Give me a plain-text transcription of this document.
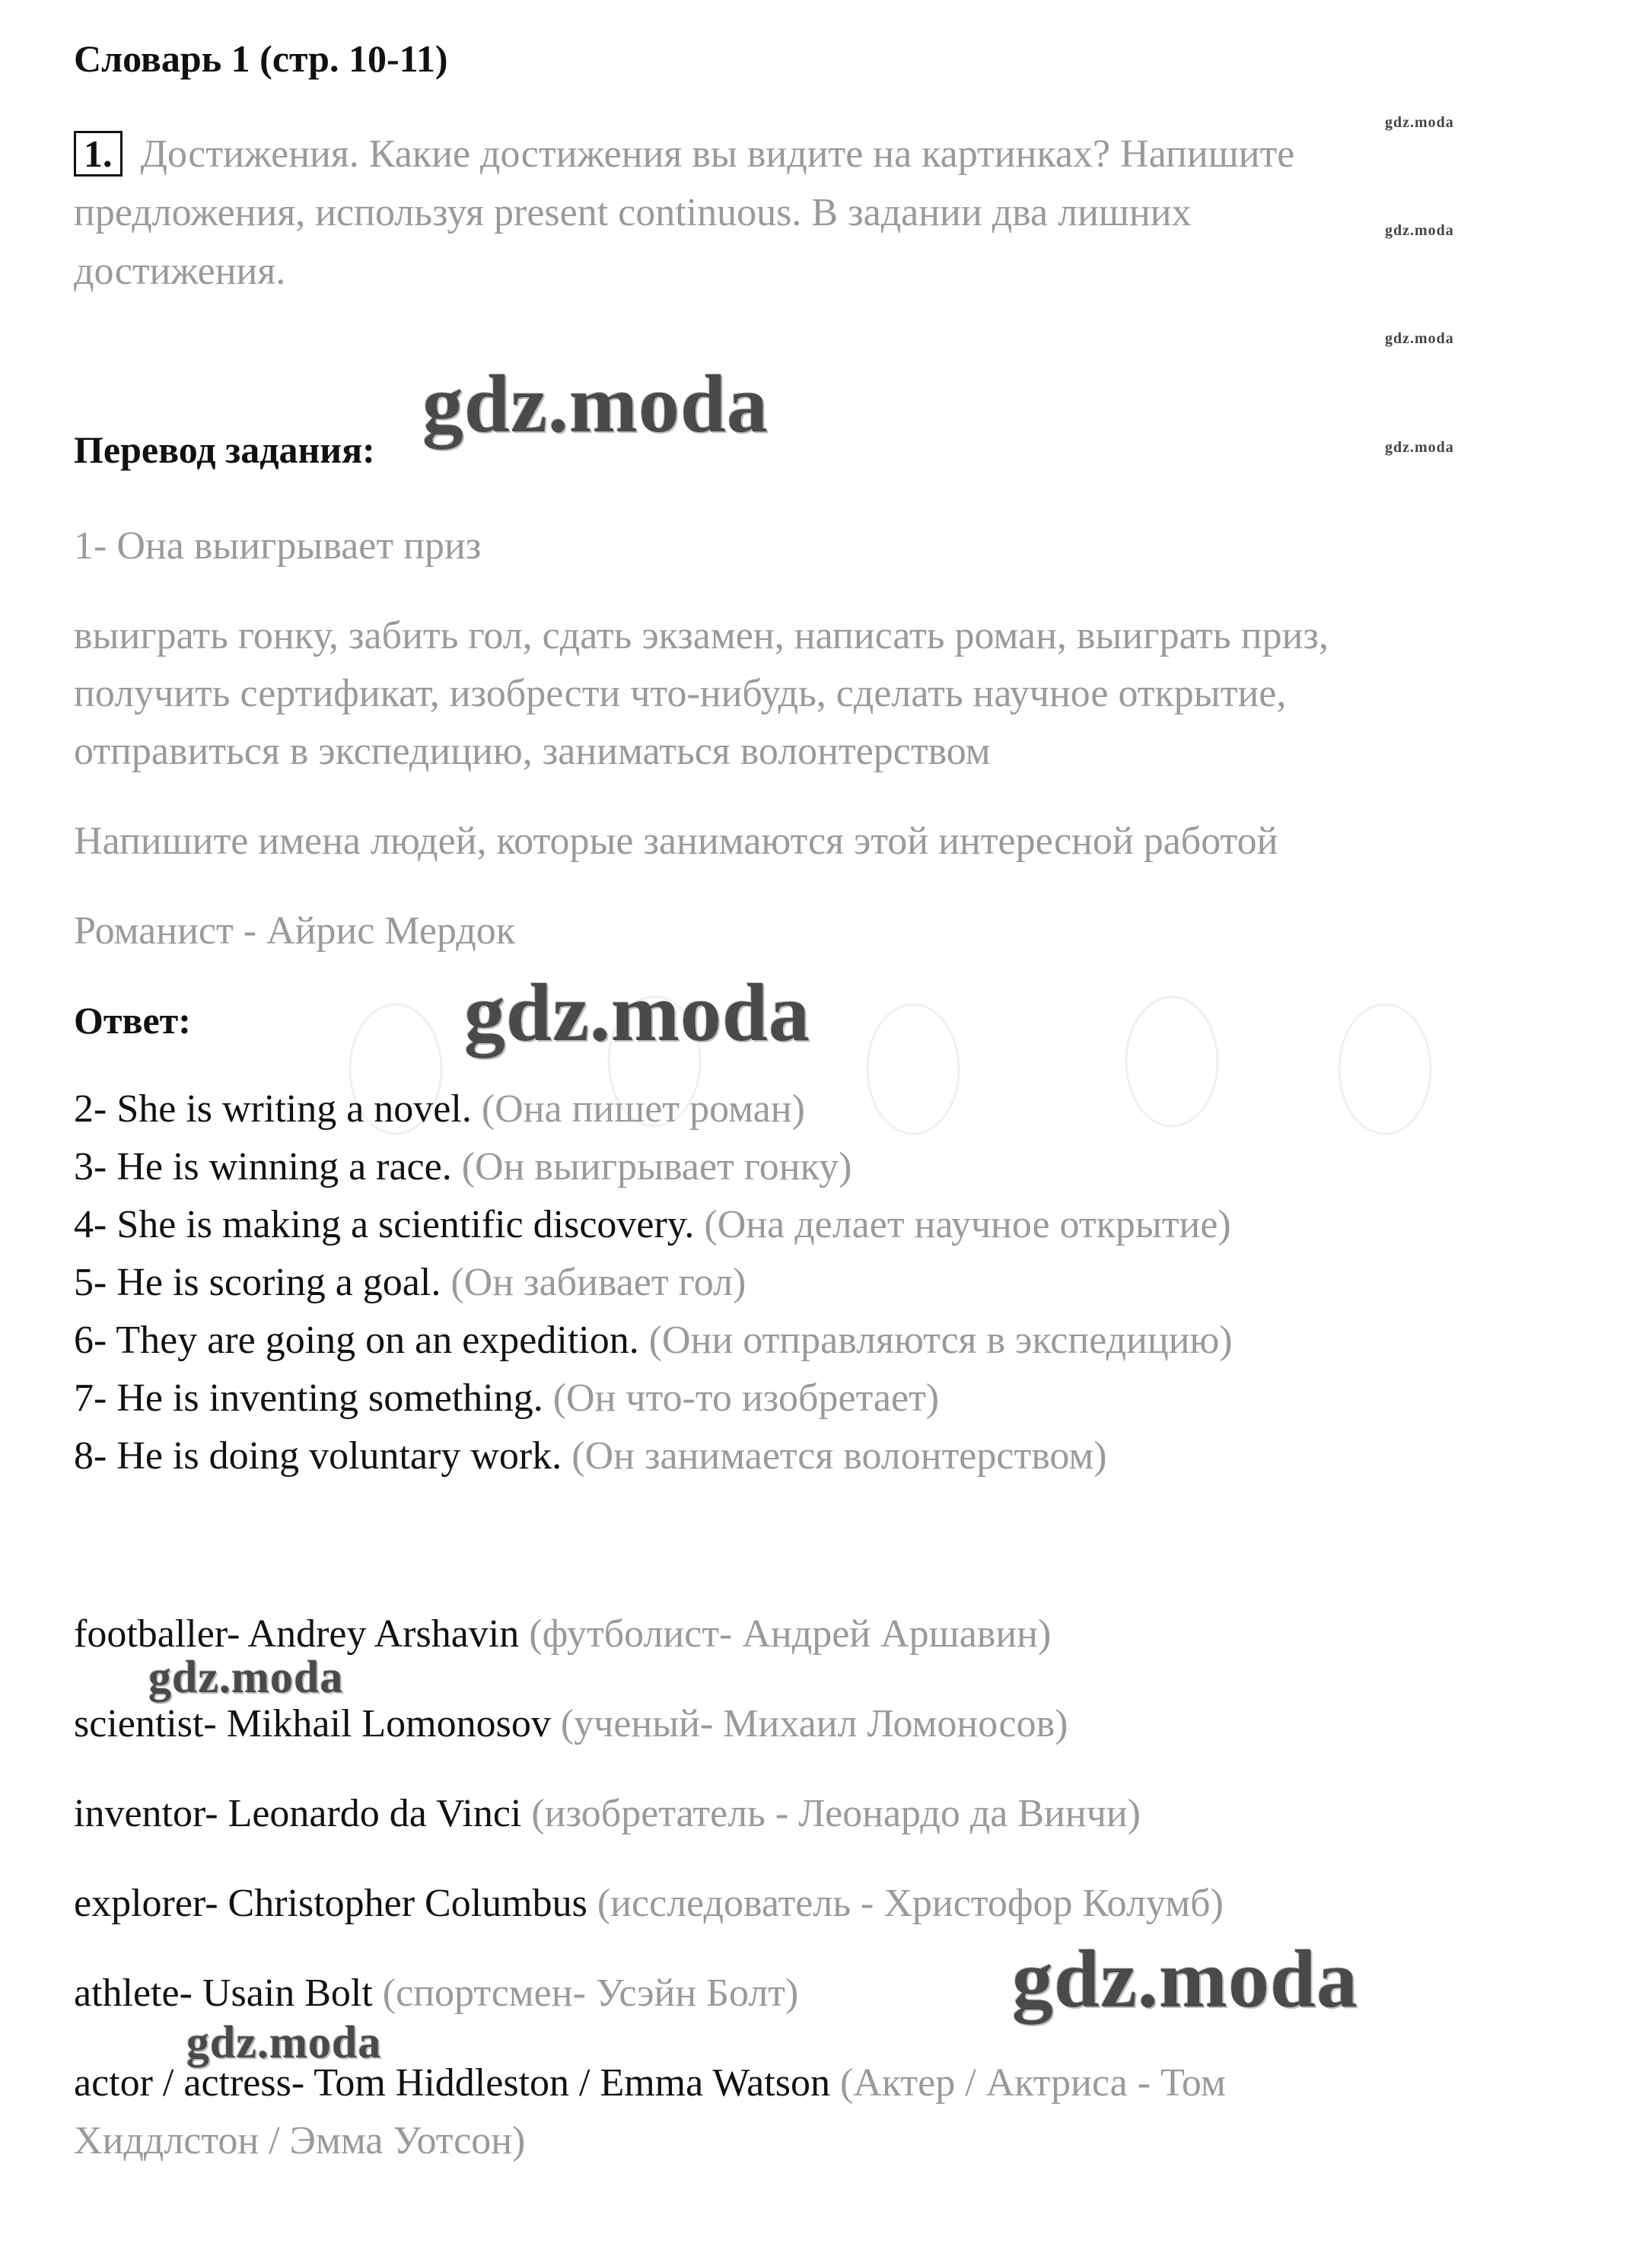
Словарь 1 (стр. 10-11)
gdz.moda
gdz.moda
gdz.moda
gdz.moda
1. Достижения. Какие достижения вы видите на картинках? Напишите
предложения, используя present continuous. В задании два лишних
достижения.
Перевод задания: gdz.moda
1- Она выигрывает приз
выиграть гонку, забить гол, сдать экзамен, написать роман, выиграть приз,
получить сертификат, изобрести что-нибудь, сделать научное открытие,
отправиться в экспедицию, заниматься волонтерством
Напишите имена людей, которые занимаются этой интересной работой
Романист - Айрис Мердок
Ответ:	gdz.moda
2- She is writing a novel. (Она пишет роман)
3- He is winning a race. (Он выигрывает гонку)
4- She is making a scientific discovery. (Она делает научное открытие)
5- He is scoring a goal. (Он забивает гол)
6- They are going on an expedition. (Они отправляются в экспедицию)
7- He is inventing something. (Он что-то изобретает)
8- He is doing voluntary work. (Он занимается волонтерством)
footballer- Andrey Arshavin (футболист- Андрей Аршавин)
gdz.moda
scientist- Mikhail Lomonosov (ученый- Михаил Ломоносов)
inventor- Leonardo da Vinci (изобретатель - Леонардо да Винчи)
explorer- Christopher Columbus (исследователь - Христофор Колумб)
athlete- Usain Bolt (спортсмен- Усэйн Болт)	gdz.moda
gdz.moda
actor / actress- Tom Hiddleston / Emma Watson (Актер / Актриса - Том
Хиддлстон / Эмма Уотсон)
